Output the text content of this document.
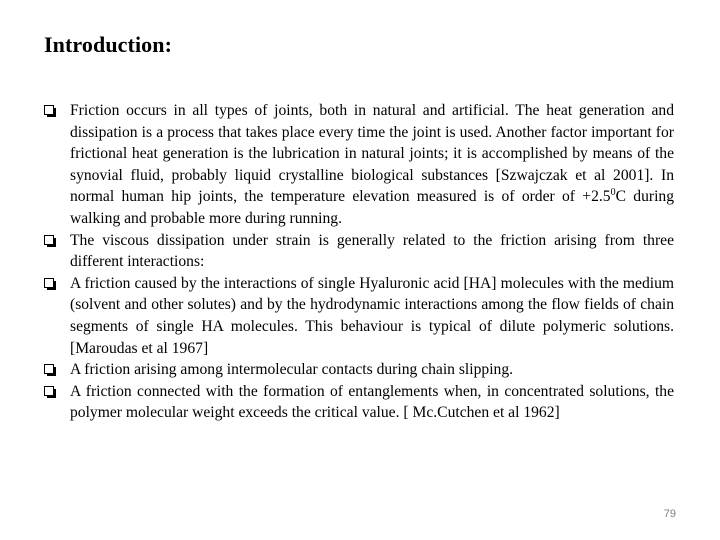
Introduction:
Friction occurs in all types of joints, both in natural and artificial. The heat generation and dissipation is a process that takes place every time the joint is used. Another factor important for frictional heat generation is the lubrication in natural joints; it is accomplished by means of the synovial fluid, probably liquid crystalline biological substances [Szwajczak et al 2001]. In normal human hip joints, the temperature elevation measured is of order of $+2.5^0C$ during walking and probable more during running.
The viscous dissipation under strain is generally related to the friction arising from three different interactions:
A friction caused by the interactions of single Hyaluronic acid [HA] molecules with the medium (solvent and other solutes) and by the hydrodynamic interactions among the flow fields of chain segments of single HA molecules. This behaviour is typical of dilute polymeric solutions. [Maroudas et al 1967]
A friction arising among intermolecular contacts during chain slipping.
A friction connected with the formation of entanglements when, in concentrated solutions, the polymer molecular weight exceeds the critical value. [ Mc.Cutchen et al 1962]
79
